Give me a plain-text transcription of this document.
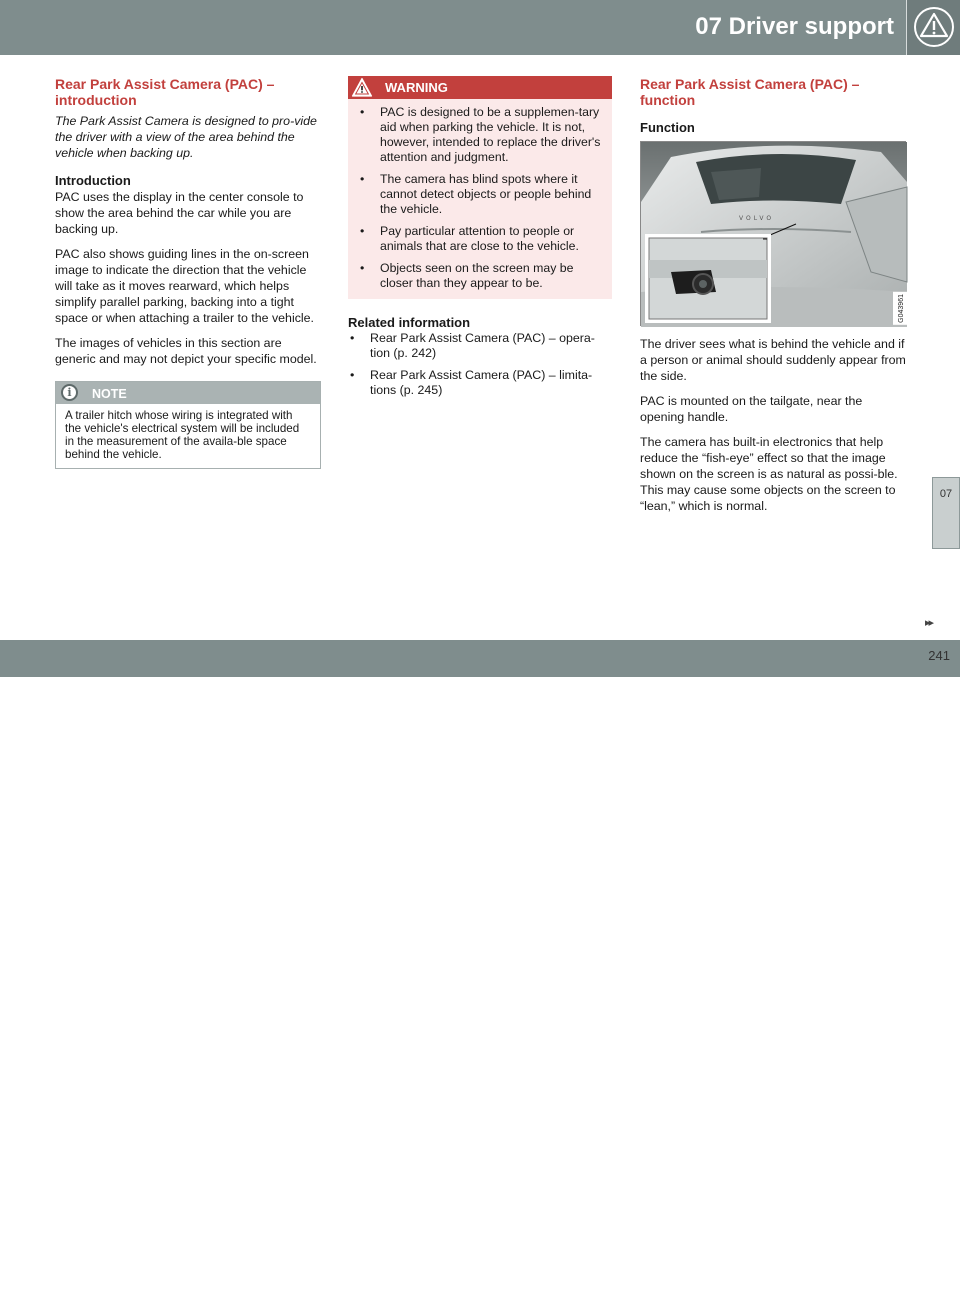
07 Driver support
Rear Park Assist Camera (PAC) – introduction

The Park Assist Camera is designed to pro-vide the driver with a view of the area behind the vehicle when backing up.

Introduction

PAC uses the display in the center console to show the area behind the car while you are backing up.

PAC also shows guiding lines in the on-screen image to indicate the direction that the vehicle will take as it moves rearward, which helps simplify parallel parking, backing into a tight space or when attaching a trailer to the vehicle.

The images of vehicles in this section are generic and may not depict your specific model.

i	NOTE
A trailer hitch whose wiring is integrated with the vehicle's electrical system will be included in the measurement of the availa-ble space behind the vehicle.
WARNING
• PAC is designed to be a supplemen-tary aid when parking the vehicle. It is not, however, intended to replace the driver's attention and judgment.
• The camera has blind spots where it cannot detect objects or people behind the vehicle.
• Pay particular attention to people or animals that are close to the vehicle.
• Objects seen on the screen may be closer than they appear to be.
Related information
• Rear Park Assist Camera (PAC) – opera-tion (p. 242)
• Rear Park Assist Camera (PAC) – limita-tions (p. 245)
Rear Park Assist Camera (PAC) – function
Function
VOLVO
G043961

The driver sees what is behind the vehicle and if a person or animal should suddenly appear from the side.

PAC is mounted on the tailgate, near the opening handle.

The camera has built-in electronics that help reduce the “fish-eye” effect so that the image shown on the screen is as natural as possi-ble. This may cause some objects on the screen to “lean,” which is normal.

07
▸▸
carmanualsonline.info
241
